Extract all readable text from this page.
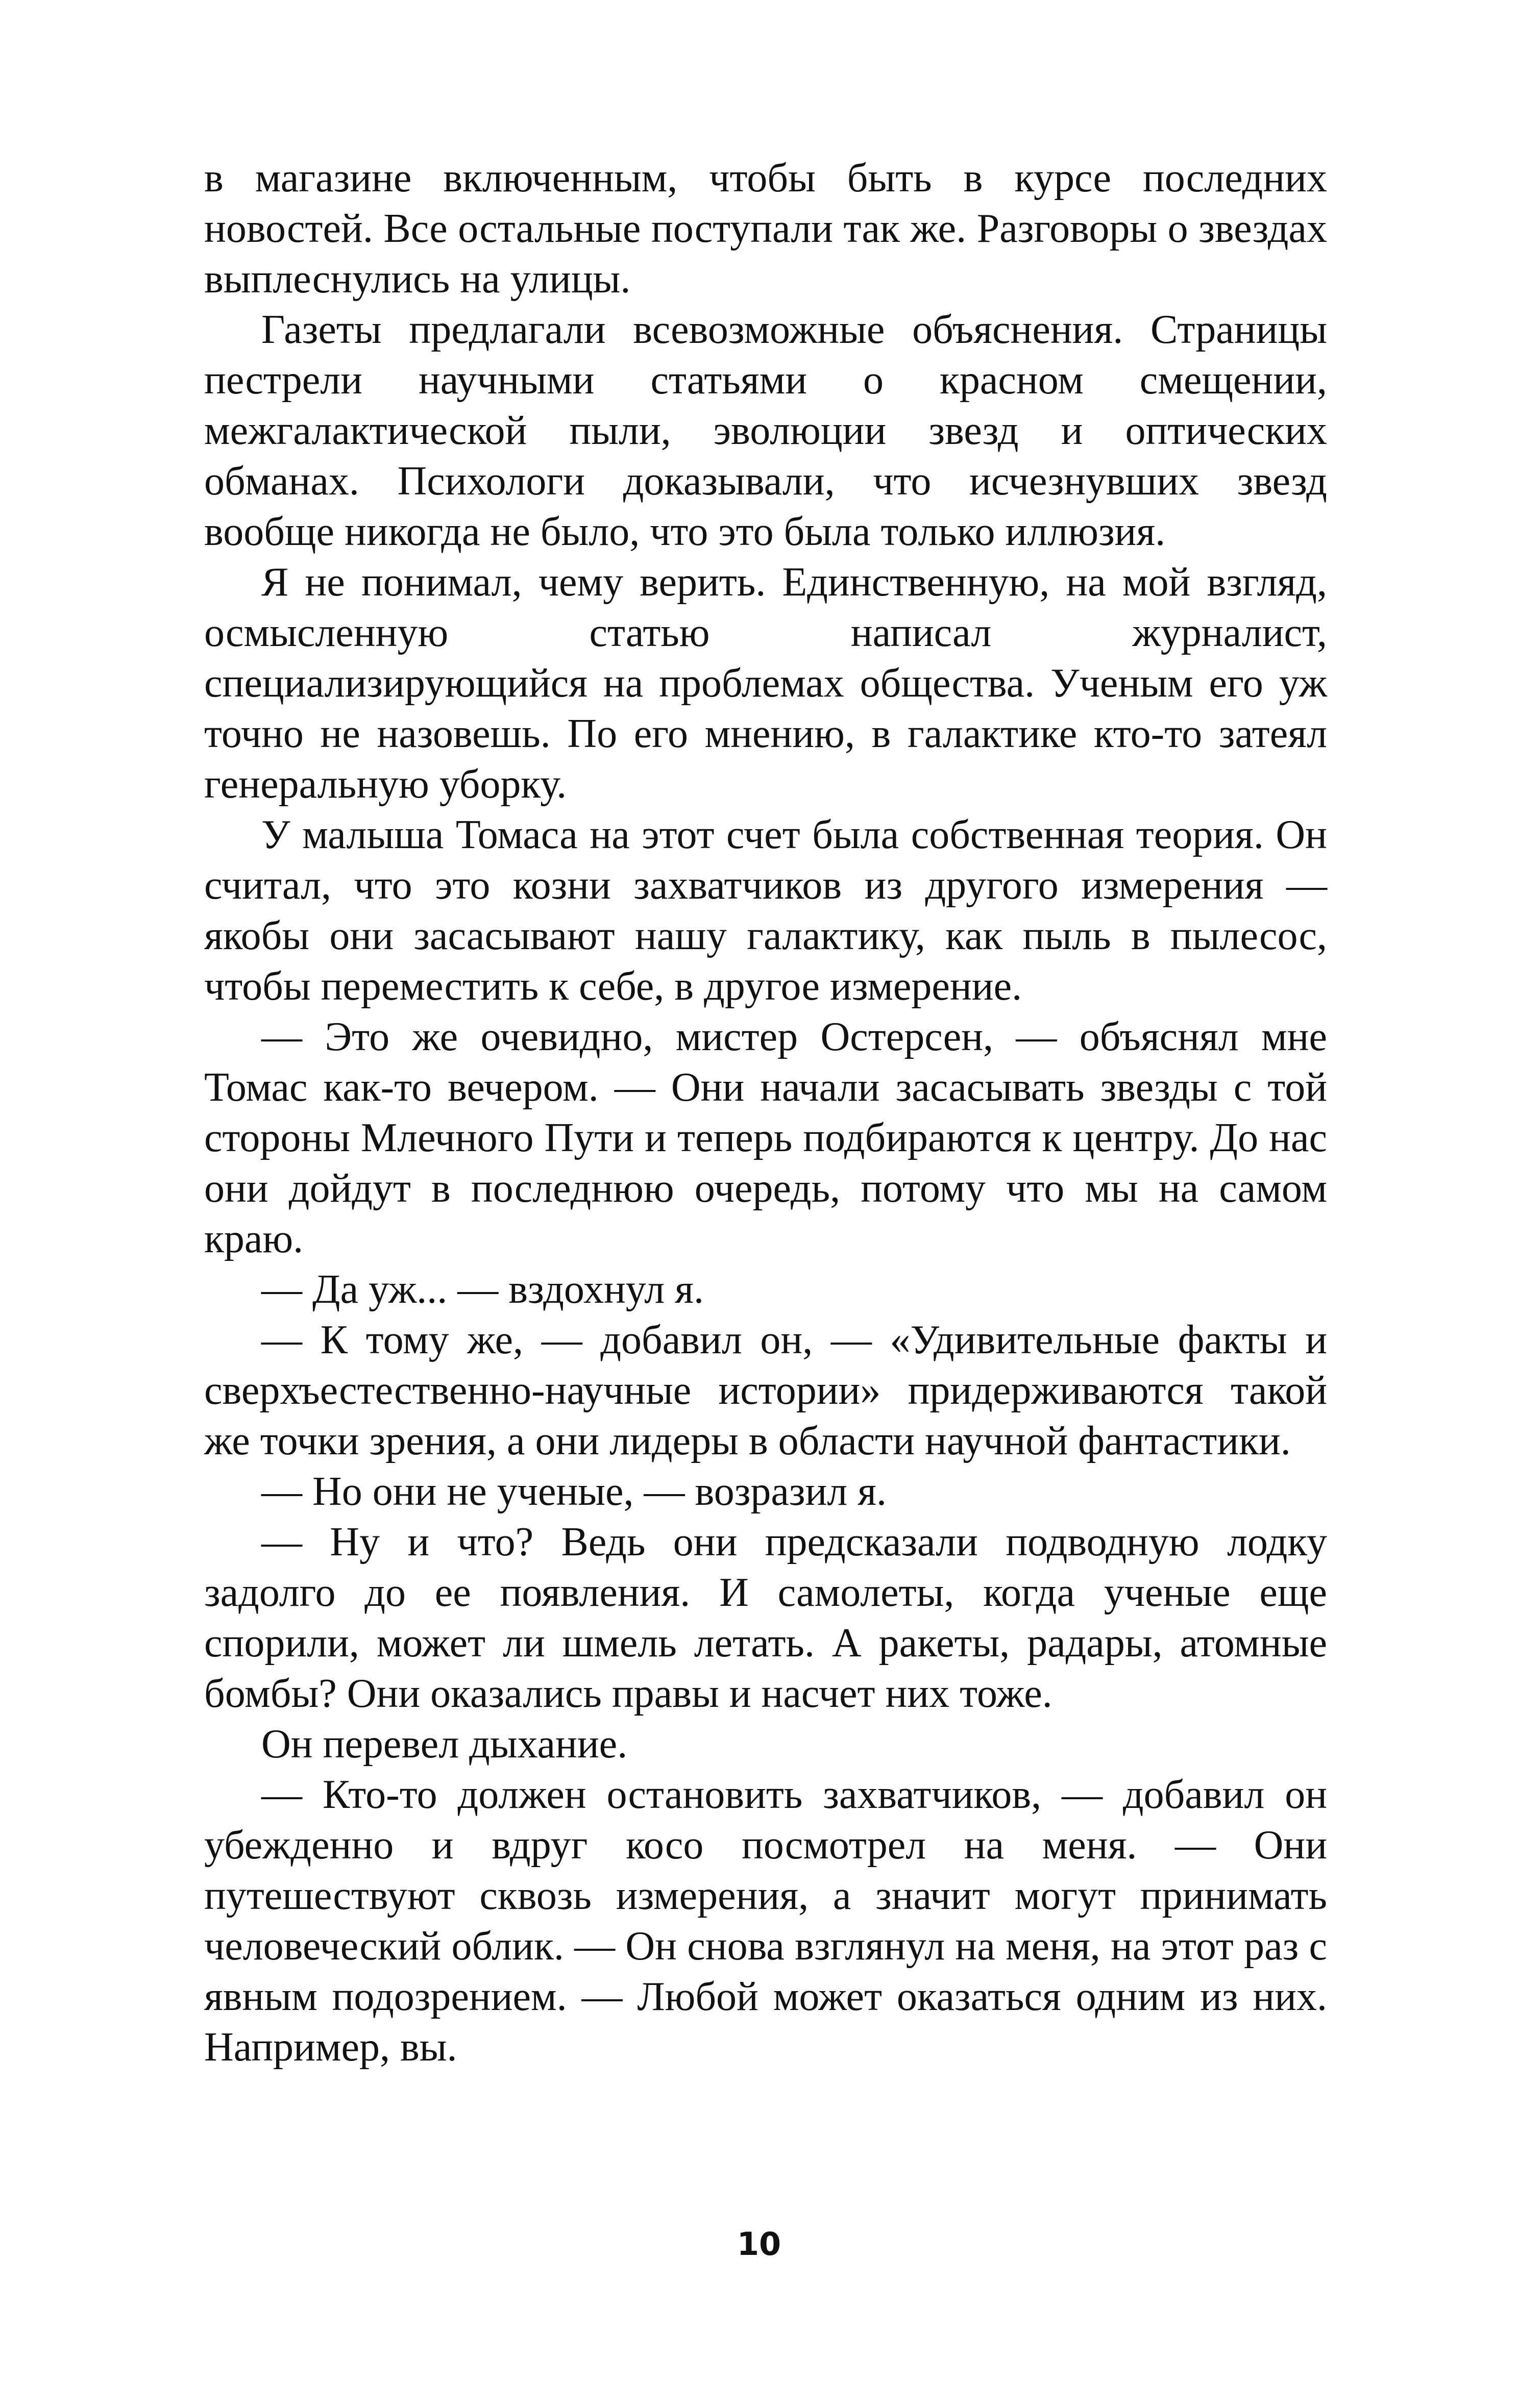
в магазине включенным, чтобы быть в курсе последних новостей. Все остальные поступали так же. Разговоры о звездах выплеснулись на улицы.

Газеты предлагали всевозможные объяснения. Страницы пестрели научными статьями о красном смещении, межгалактической пыли, эволюции звезд и оптических обманах. Психологи доказывали, что исчезнувших звезд вообще никогда не было, что это была только иллюзия.

Я не понимал, чему верить. Единственную, на мой взгляд, осмысленную статью написал журналист, специализирующийся на проблемах общества. Ученым его уж точно не назовешь. По его мнению, в галактике кто-то затеял генеральную уборку.

У малыша Томаса на этот счет была собственная теория. Он считал, что это козни захватчиков из другого измерения — якобы они засасывают нашу галактику, как пыль в пылесос, чтобы переместить к себе, в другое измерение.

— Это же очевидно, мистер Остерсен, — объяснял мне Томас как-то вечером. — Они начали засасывать звезды с той стороны Млечного Пути и теперь подбираются к центру. До нас они дойдут в последнюю очередь, потому что мы на самом краю.

— Да уж... — вздохнул я.

— К тому же, — добавил он, — «Удивительные факты и сверхъестественно-научные истории» придерживаются такой же точки зрения, а они лидеры в области научной фантастики.

— Но они не ученые, — возразил я.

— Ну и что? Ведь они предсказали подводную лодку задолго до ее появления. И самолеты, когда ученые еще спорили, может ли шмель летать. А ракеты, радары, атомные бомбы? Они оказались правы и насчет них тоже.

Он перевел дыхание.

— Кто-то должен остановить захватчиков, — добавил он убежденно и вдруг косо посмотрел на меня. — Они путешествуют сквозь измерения, а значит могут принимать человеческий облик. — Он снова взглянул на меня, на этот раз с явным подозрением. — Любой может оказаться одним из них. Например, вы.

10
